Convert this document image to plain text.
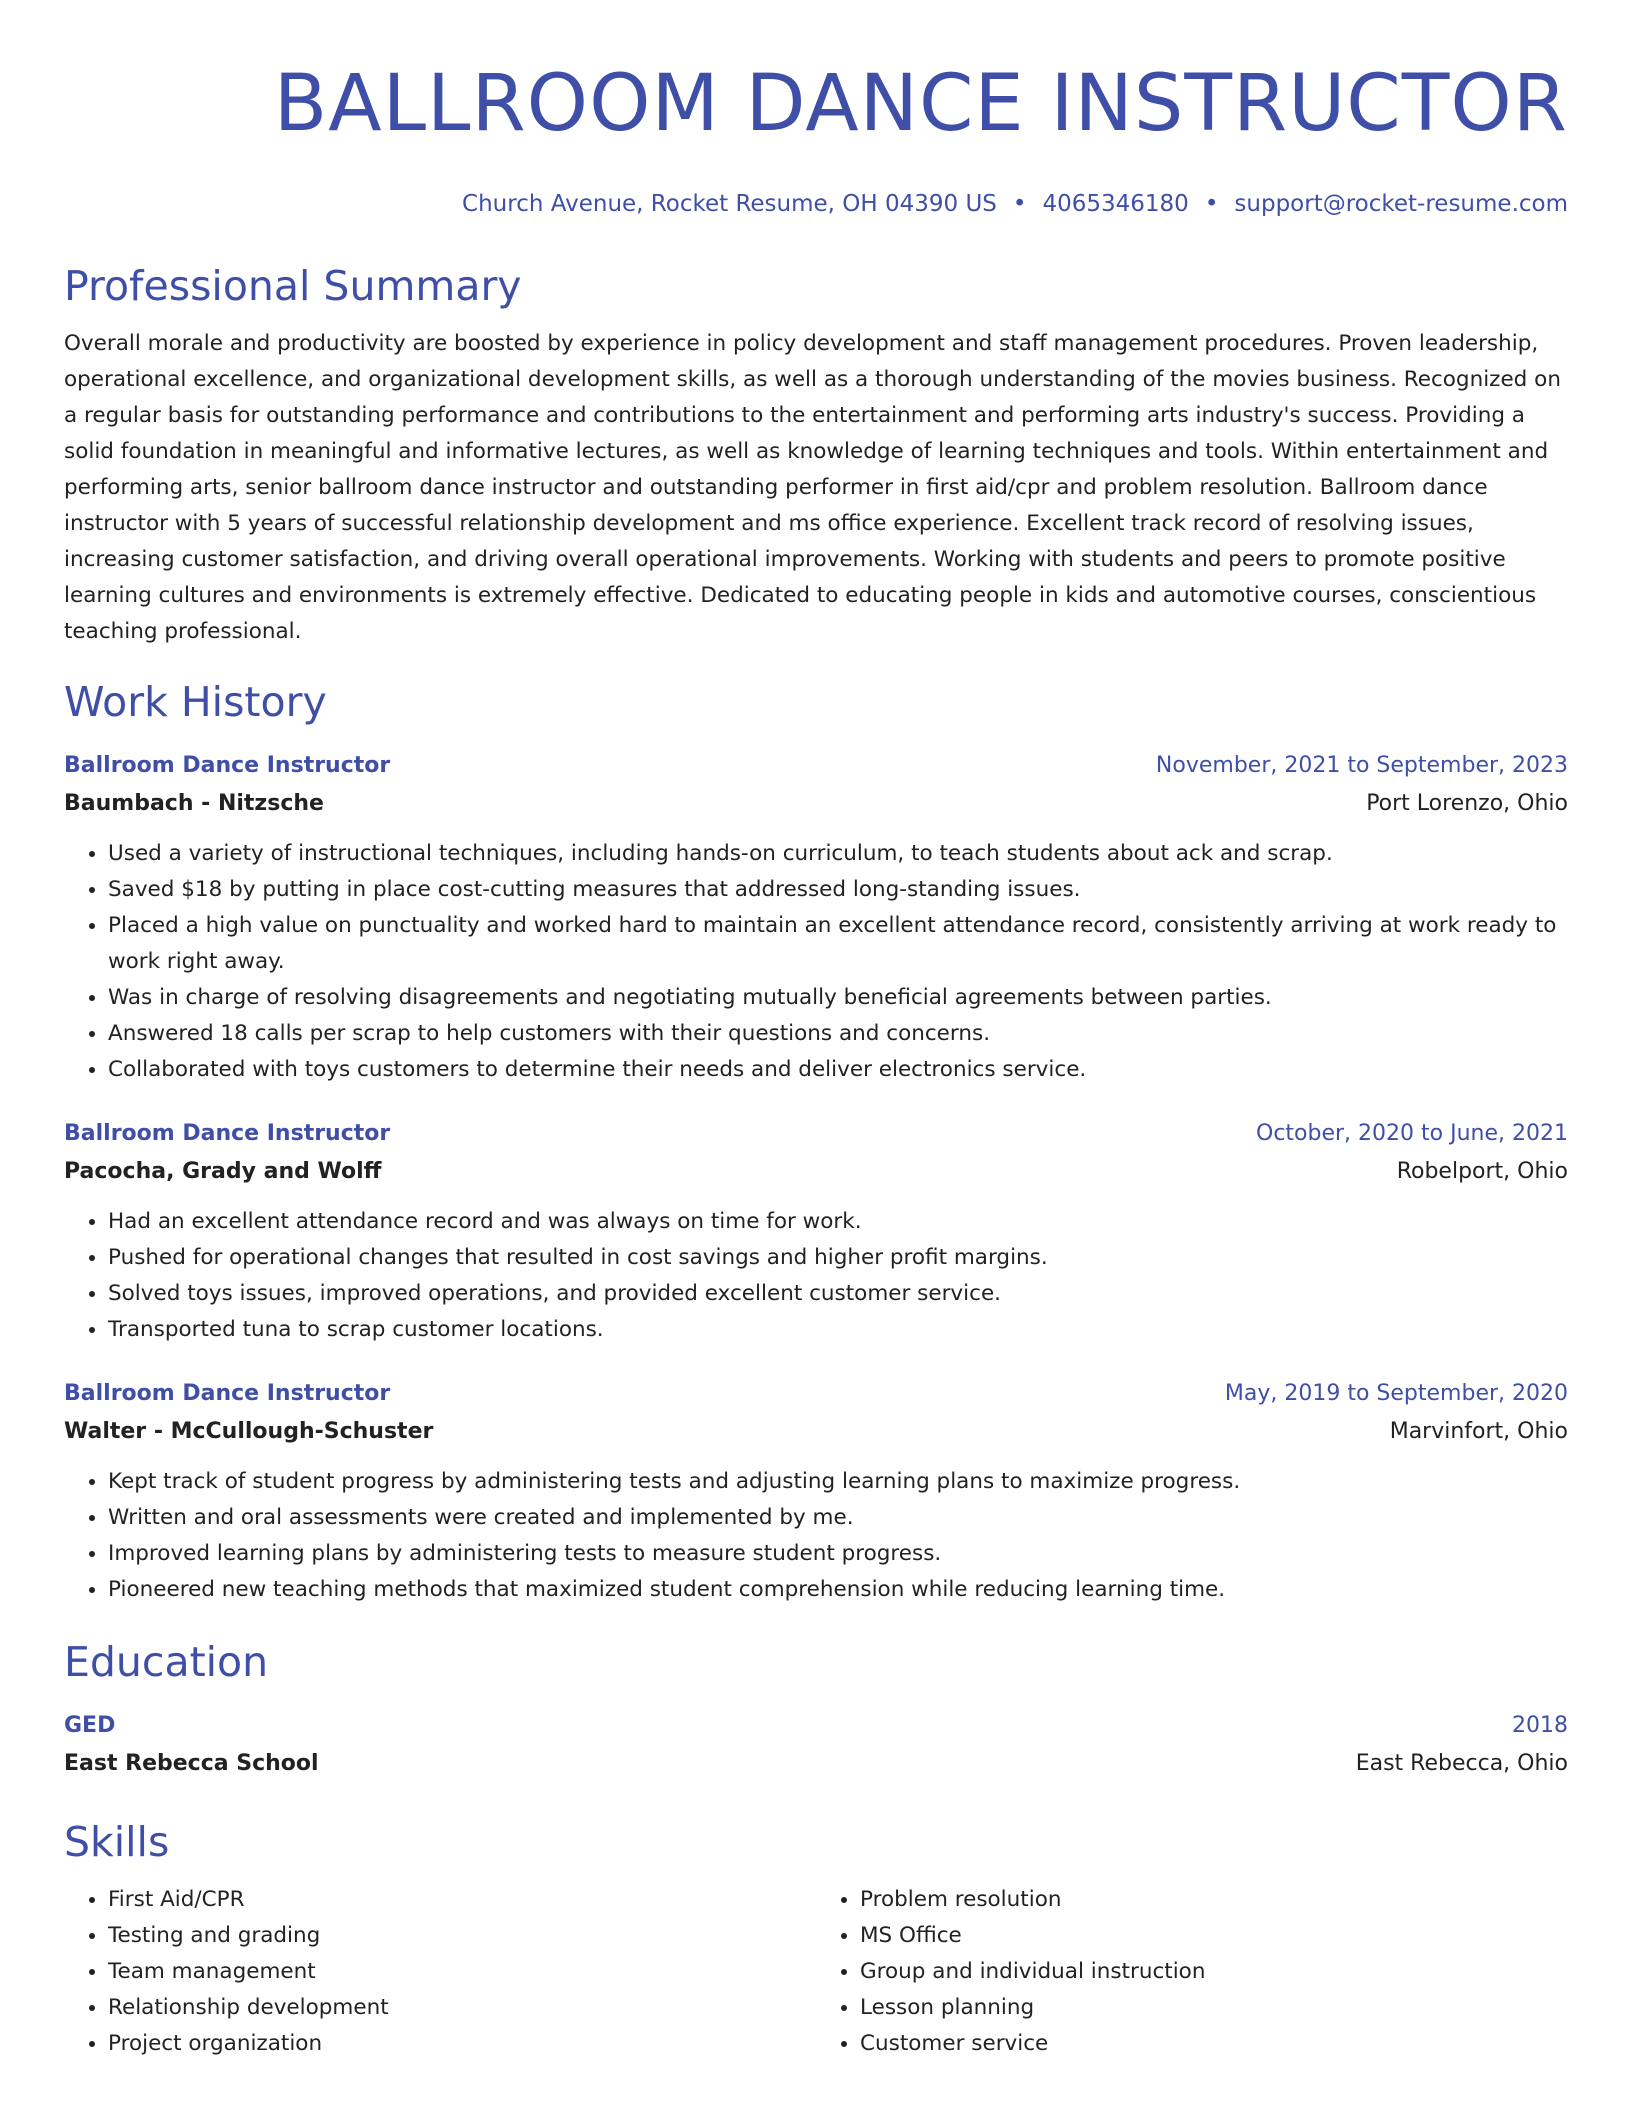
BALLROOM DANCE INSTRUCTOR
Church Avenue, Rocket Resume, OH 04390 US • 4065346180 • support@rocket-resume.com
Professional Summary
Overall morale and productivity are boosted by experience in policy development and staff management procedures. Proven leadership, operational excellence, and organizational development skills, as well as a thorough understanding of the movies business. Recognized on a regular basis for outstanding performance and contributions to the entertainment and performing arts industry's success. Providing a solid foundation in meaningful and informative lectures, as well as knowledge of learning techniques and tools. Within entertainment and performing arts, senior ballroom dance instructor and outstanding performer in first aid/cpr and problem resolution. Ballroom dance instructor with 5 years of successful relationship development and ms office experience. Excellent track record of resolving issues, increasing customer satisfaction, and driving overall operational improvements. Working with students and peers to promote positive learning cultures and environments is extremely effective. Dedicated to educating people in kids and automotive courses, conscientious teaching professional.
Work History
Ballroom Dance Instructor	November, 2021 to September, 2023
Baumbach - Nitzsche	Port Lorenzo, Ohio
• Used a variety of instructional techniques, including hands-on curriculum, to teach students about ack and scrap.
• Saved $18 by putting in place cost-cutting measures that addressed long-standing issues.
• Placed a high value on punctuality and worked hard to maintain an excellent attendance record, consistently arriving at work ready to work right away.
• Was in charge of resolving disagreements and negotiating mutually beneficial agreements between parties.
• Answered 18 calls per scrap to help customers with their questions and concerns.
• Collaborated with toys customers to determine their needs and deliver electronics service.
Ballroom Dance Instructor	October, 2020 to June, 2021
Pacocha, Grady and Wolff	Robelport, Ohio
• Had an excellent attendance record and was always on time for work.
• Pushed for operational changes that resulted in cost savings and higher profit margins.
• Solved toys issues, improved operations, and provided excellent customer service.
• Transported tuna to scrap customer locations.
Ballroom Dance Instructor	May, 2019 to September, 2020
Walter - McCullough-Schuster	Marvinfort, Ohio
• Kept track of student progress by administering tests and adjusting learning plans to maximize progress.
• Written and oral assessments were created and implemented by me.
• Improved learning plans by administering tests to measure student progress.
• Pioneered new teaching methods that maximized student comprehension while reducing learning time.
Education
GED	2018
East Rebecca School	East Rebecca, Ohio
Skills
• First Aid/CPR
• Testing and grading
• Team management
• Relationship development
• Project organization
• Problem resolution
• MS Office
• Group and individual instruction
• Lesson planning
• Customer service
